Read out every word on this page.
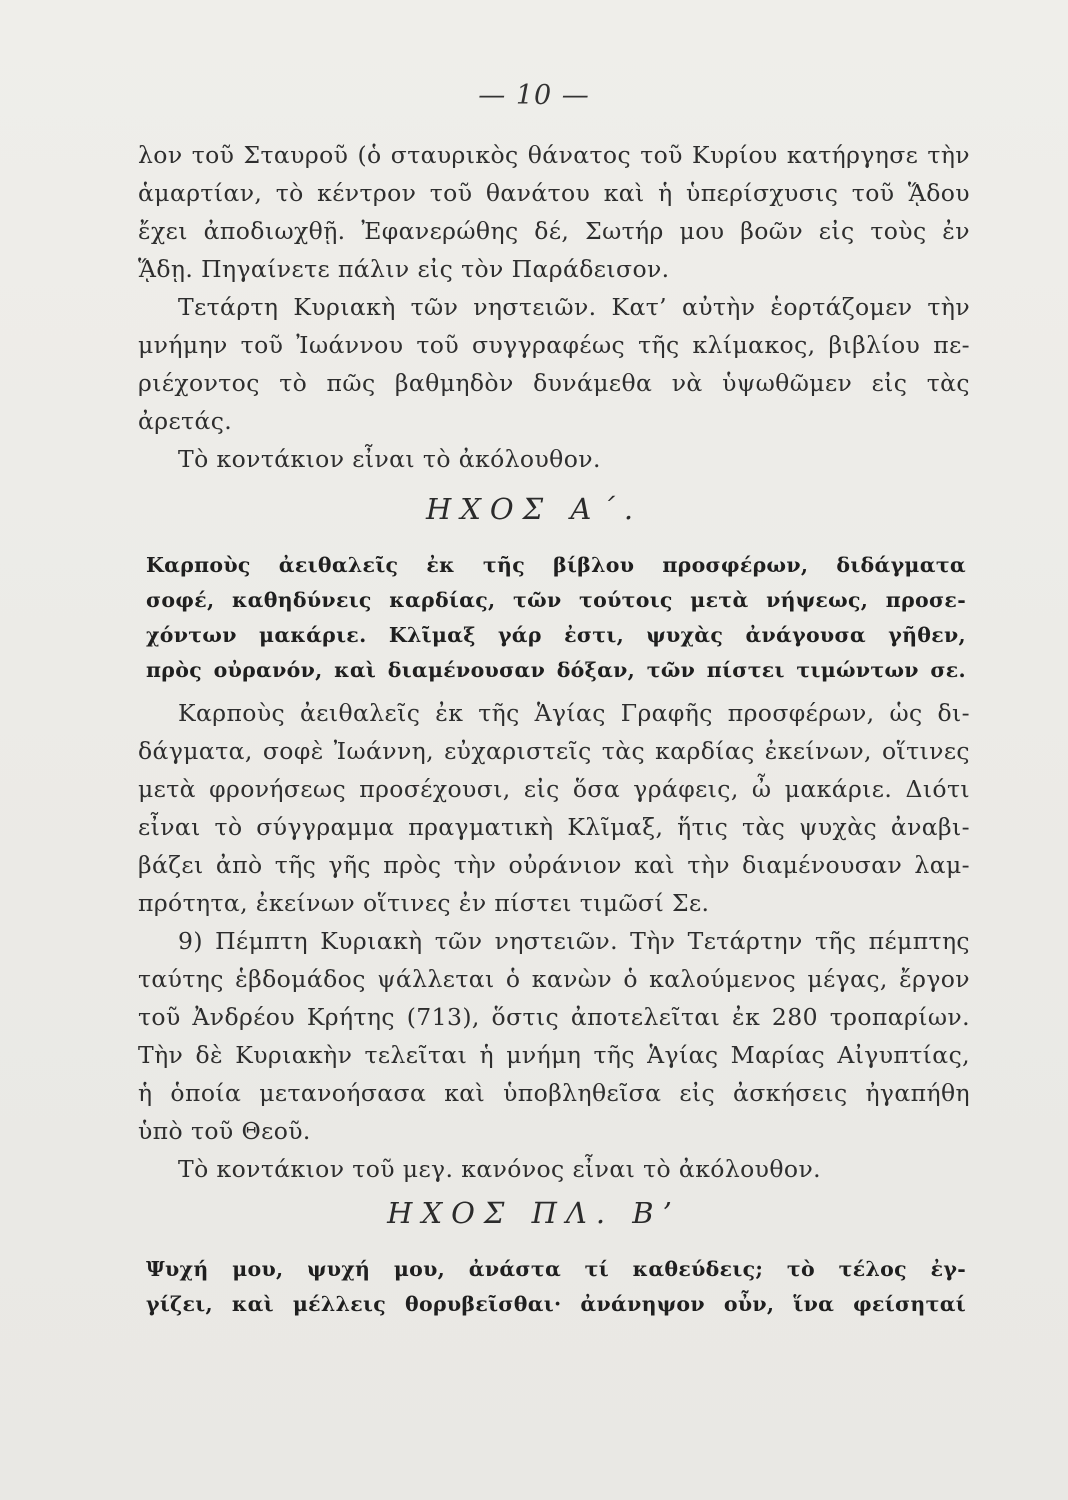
— 10 —
λον τοῦ Σταυροῦ (ὁ σταυρικὸς θάνατος τοῦ Κυρίου κατήργησε τὴν
ἁμαρτίαν, τὸ κέντρον τοῦ θανάτου καὶ ἡ ὑπερίσχυσις τοῦ ᾍδου
ἔχει ἀποδιωχθῇ. Ἐφανερώθης δέ, Σωτήρ μου βοῶν εἰς τοὺς ἐν
ᾍδῃ. Πηγαίνετε πάλιν εἰς τὸν Παράδεισον.
Τετάρτη Κυριακὴ τῶν νηστειῶν. Κατ’ αὐτὴν ἑορτάζομεν τὴν
μνήμην τοῦ Ἰωάννου τοῦ συγγραφέως τῆς κλίμακος, βιβλίου πε-
ριέχοντος τὸ πῶς βαθμηδὸν δυνάμεθα νὰ ὑψωθῶμεν εἰς τὰς
ἀρετάς.
Τὸ κοντάκιον εἶναι τὸ ἀκόλουθον.
ΗΧΟΣ Α΄.
Καρποὺς ἀειθαλεῖς ἐκ τῆς βίβλου προσφέρων, διδάγματα
σοφέ, καθηδύνεις καρδίας, τῶν τούτοις μετὰ νήψεως, προσε-
χόντων μακάριε. Κλῖμαξ γάρ ἐστι, ψυχὰς ἀνάγουσα γῆθεν,
πρὸς οὐρανόν, καὶ διαμένουσαν δόξαν, τῶν πίστει τιμώντων σε.
Καρποὺς ἀειθαλεῖς ἐκ τῆς Ἁγίας Γραφῆς προσφέρων, ὡς δι-
δάγματα, σοφὲ Ἰωάννη, εὐχαριστεῖς τὰς καρδίας ἐκείνων, οἵτινες
μετὰ φρονήσεως προσέχουσι, εἰς ὅσα γράφεις, ὦ μακάριε. Διότι
εἶναι τὸ σύγγραμμα πραγματικὴ Κλῖμαξ, ἥτις τὰς ψυχὰς ἀναβι-
βάζει ἀπὸ τῆς γῆς πρὸς τὴν οὐράνιον καὶ τὴν διαμένουσαν λαμ-
πρότητα, ἐκείνων οἵτινες ἐν πίστει τιμῶσί Σε.
9) Πέμπτη Κυριακὴ τῶν νηστειῶν. Τὴν Τετάρτην τῆς πέμπτης
ταύτης ἑβδομάδος ψάλλεται ὁ κανὼν ὁ καλούμενος μέγας, ἔργον
τοῦ Ἀνδρέου Κρήτης (713), ὅστις ἀποτελεῖται ἐκ 280 τροπαρίων.
Τὴν δὲ Κυριακὴν τελεῖται ἡ μνήμη τῆς Ἁγίας Μαρίας Αἰγυπτίας,
ἡ ὁποία μετανοήσασα καὶ ὑποβληθεῖσα εἰς ἀσκήσεις ἠγαπήθη
ὑπὸ τοῦ Θεοῦ.
Τὸ κοντάκιον τοῦ μεγ. κανόνος εἶναι τὸ ἀκόλουθον.
ΗΧΟΣ ΠΛ. Β’
Ψυχή μου, ψυχή μου, ἀνάστα τί καθεύδεις; τὸ τέλος ἐγ-
γίζει, καὶ μέλλεις θορυβεῖσθαι· ἀνάνηψον οὖν, ἵνα φείσηταί
